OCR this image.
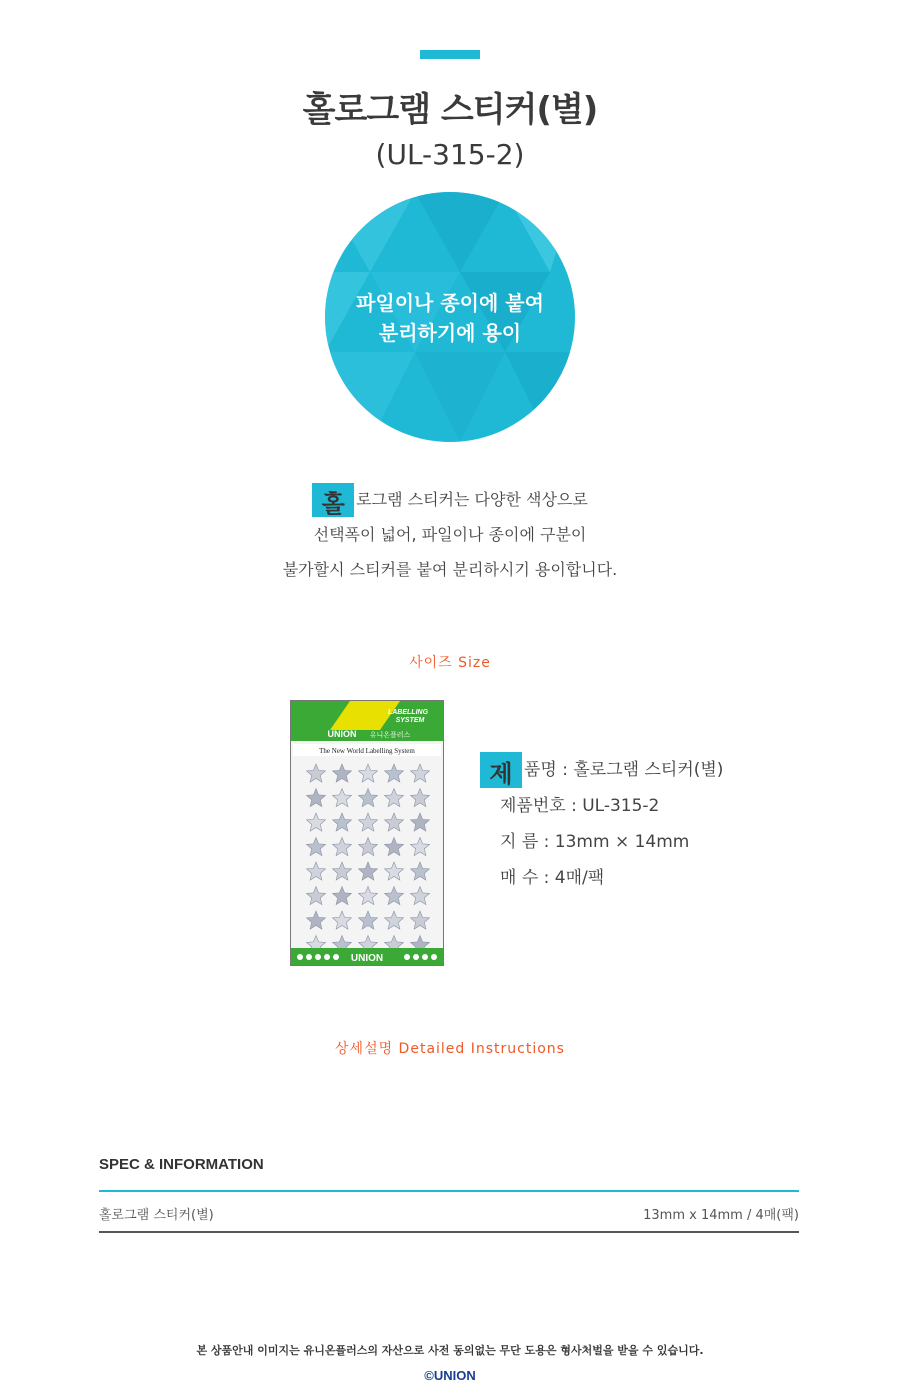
홀로그램 스티커(별)
(UL-315-2)
파일이나 종이에 붙여
분리하기에 용이
홀 로그램 스티커는 다양한 색상으로
선택폭이 넓어, 파일이나 종이에 구분이
불가할시 스티커를 붙여 분리하시기 용이합니다.
사이즈 Size
LABELLING
SYSTEM
UNION 유니온플러스
The New World Labelling System
UNION
제 품명 : 홀로그램 스티커(별)
제품번호 : UL-315-2
지 름 : 13mm × 14mm
매 수 : 4매/팩
상세설명 Detailed Instructions
SPEC & INFORMATION
홀로그램 스티커(별)	13mm x 14mm / 4매(팩)
본 상품안내 이미지는 유니온플러스의 자산으로 사전 동의없는 무단 도용은 형사처벌을 받을 수 있습니다.
©UNION
